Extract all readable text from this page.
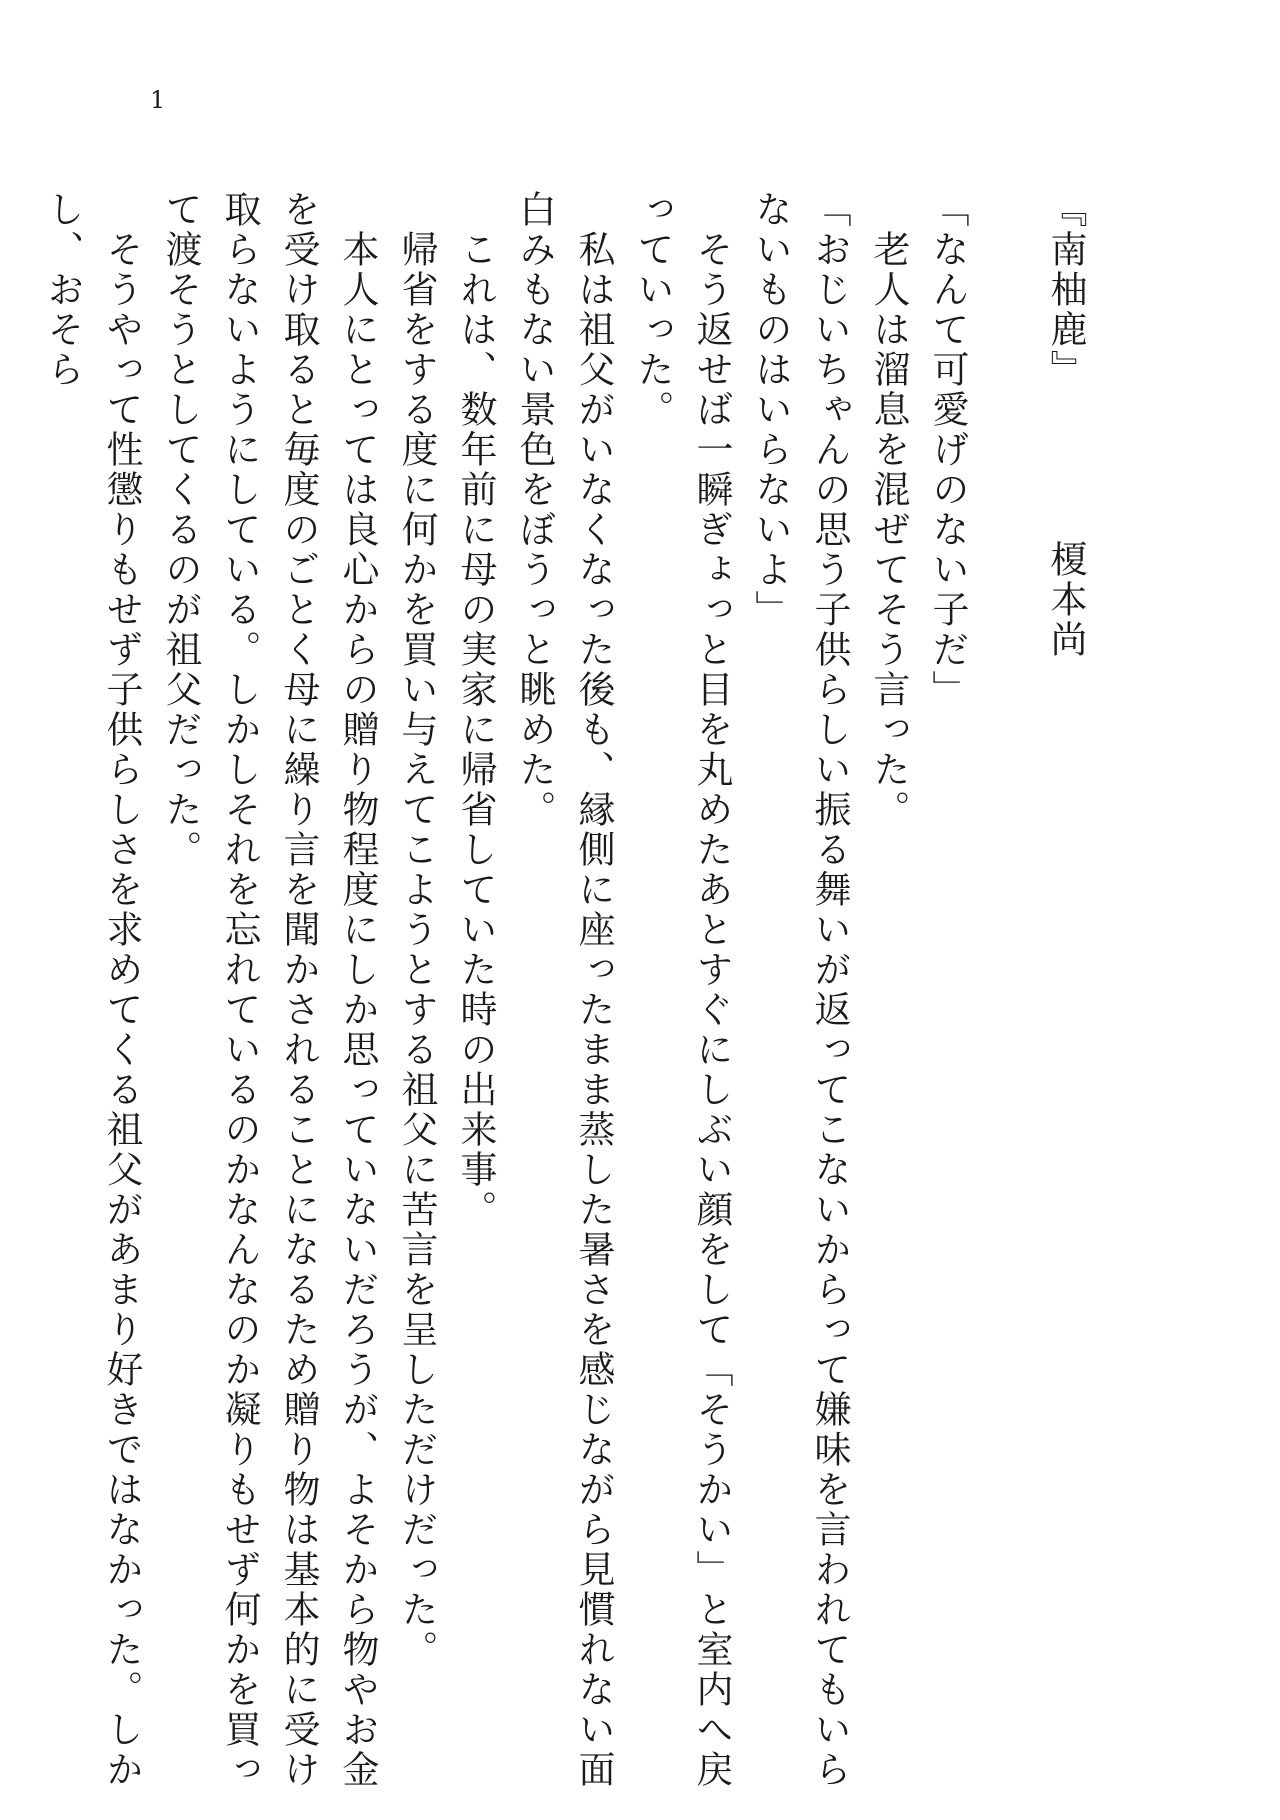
1

『南柚鹿』榎本尚

「なんて可愛げのない子だ」

　老人は溜息を混ぜてそう言った。

「おじいちゃんの思う子供らしい振る舞いが返ってこないからって嫌味を言われてもいらないものはいらないよ」

　そう返せば一瞬ぎょっと目を丸めたあとすぐにしぶい顔をして「そうかい」と室内へ戻っていった。

　私は祖父がいなくなった後も、縁側に座ったまま蒸した暑さを感じながら見慣れない面白みもない景色をぼうっと眺めた。

　これは、数年前に母の実家に帰省していた時の出来事。

　帰省をする度に何かを買い与えてこようとする祖父に苦言を呈しただけだった。

　本人にとっては良心からの贈り物程度にしか思っていないだろうが、よそから物やお金を受け取ると毎度のごとく母に繰り言を聞かされることになるため贈り物は基本的に受け取らないようにしている。しかしそれを忘れているのかなんなのか凝りもせず何かを買って渡そうとしてくるのが祖父だった。

　そうやって性懲りもせず子供らしさを求めてくる祖父があまり好きではなかった。しかし、おそら
